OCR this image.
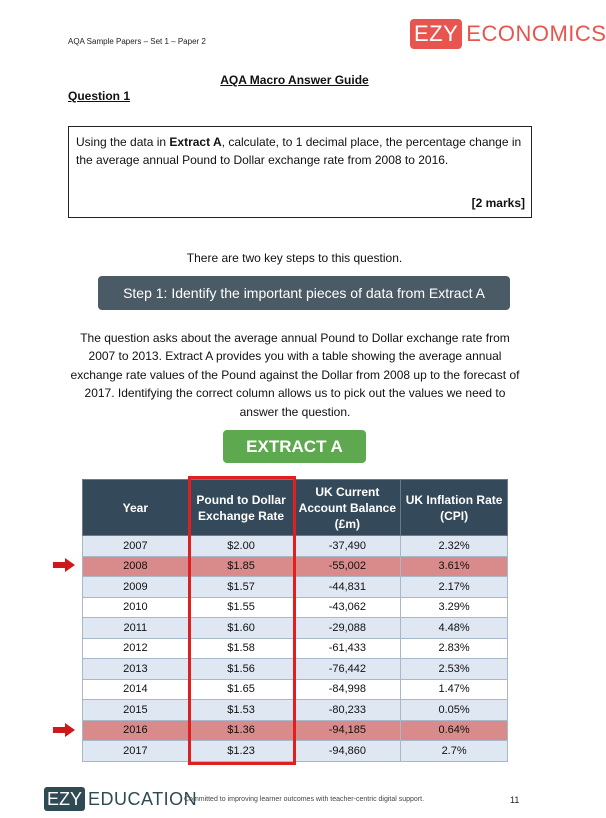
AQA Sample Papers – Set 1 – Paper 2	EZY ECONOMICS
AQA Macro Answer Guide
Question 1
Using the data in Extract A, calculate, to 1 decimal place, the percentage change in the average annual Pound to Dollar exchange rate from 2008 to 2016.
[2 marks]
There are two key steps to this question.
Step 1: Identify the important pieces of data from Extract A
The question asks about the average annual Pound to Dollar exchange rate from 2007 to 2013. Extract A provides you with a table showing the average annual exchange rate values of the Pound against the Dollar from 2008 up to the forecast of 2017. Identifying the correct column allows us to pick out the values we need to answer the question.
EXTRACT A
Year	Pound to Dollar Exchange Rate	UK Current Account Balance (£m)	UK Inflation Rate (CPI)
2007	$2.00	-37,490	2.32%
2008	$1.85	-55,002	3.61%
2009	$1.57	-44,831	2.17%
2010	$1.55	-43,062	3.29%
2011	$1.60	-29,088	4.48%
2012	$1.58	-61,433	2.83%
2013	$1.56	-76,442	2.53%
2014	$1.65	-84,998	1.47%
2015	$1.53	-80,233	0.05%
2016	$1.36	-94,185	0.64%
2017	$1.23	-94,860	2.7%
EZY EDUCATION
Committed to improving learner outcomes with teacher-centric digital support.	11
